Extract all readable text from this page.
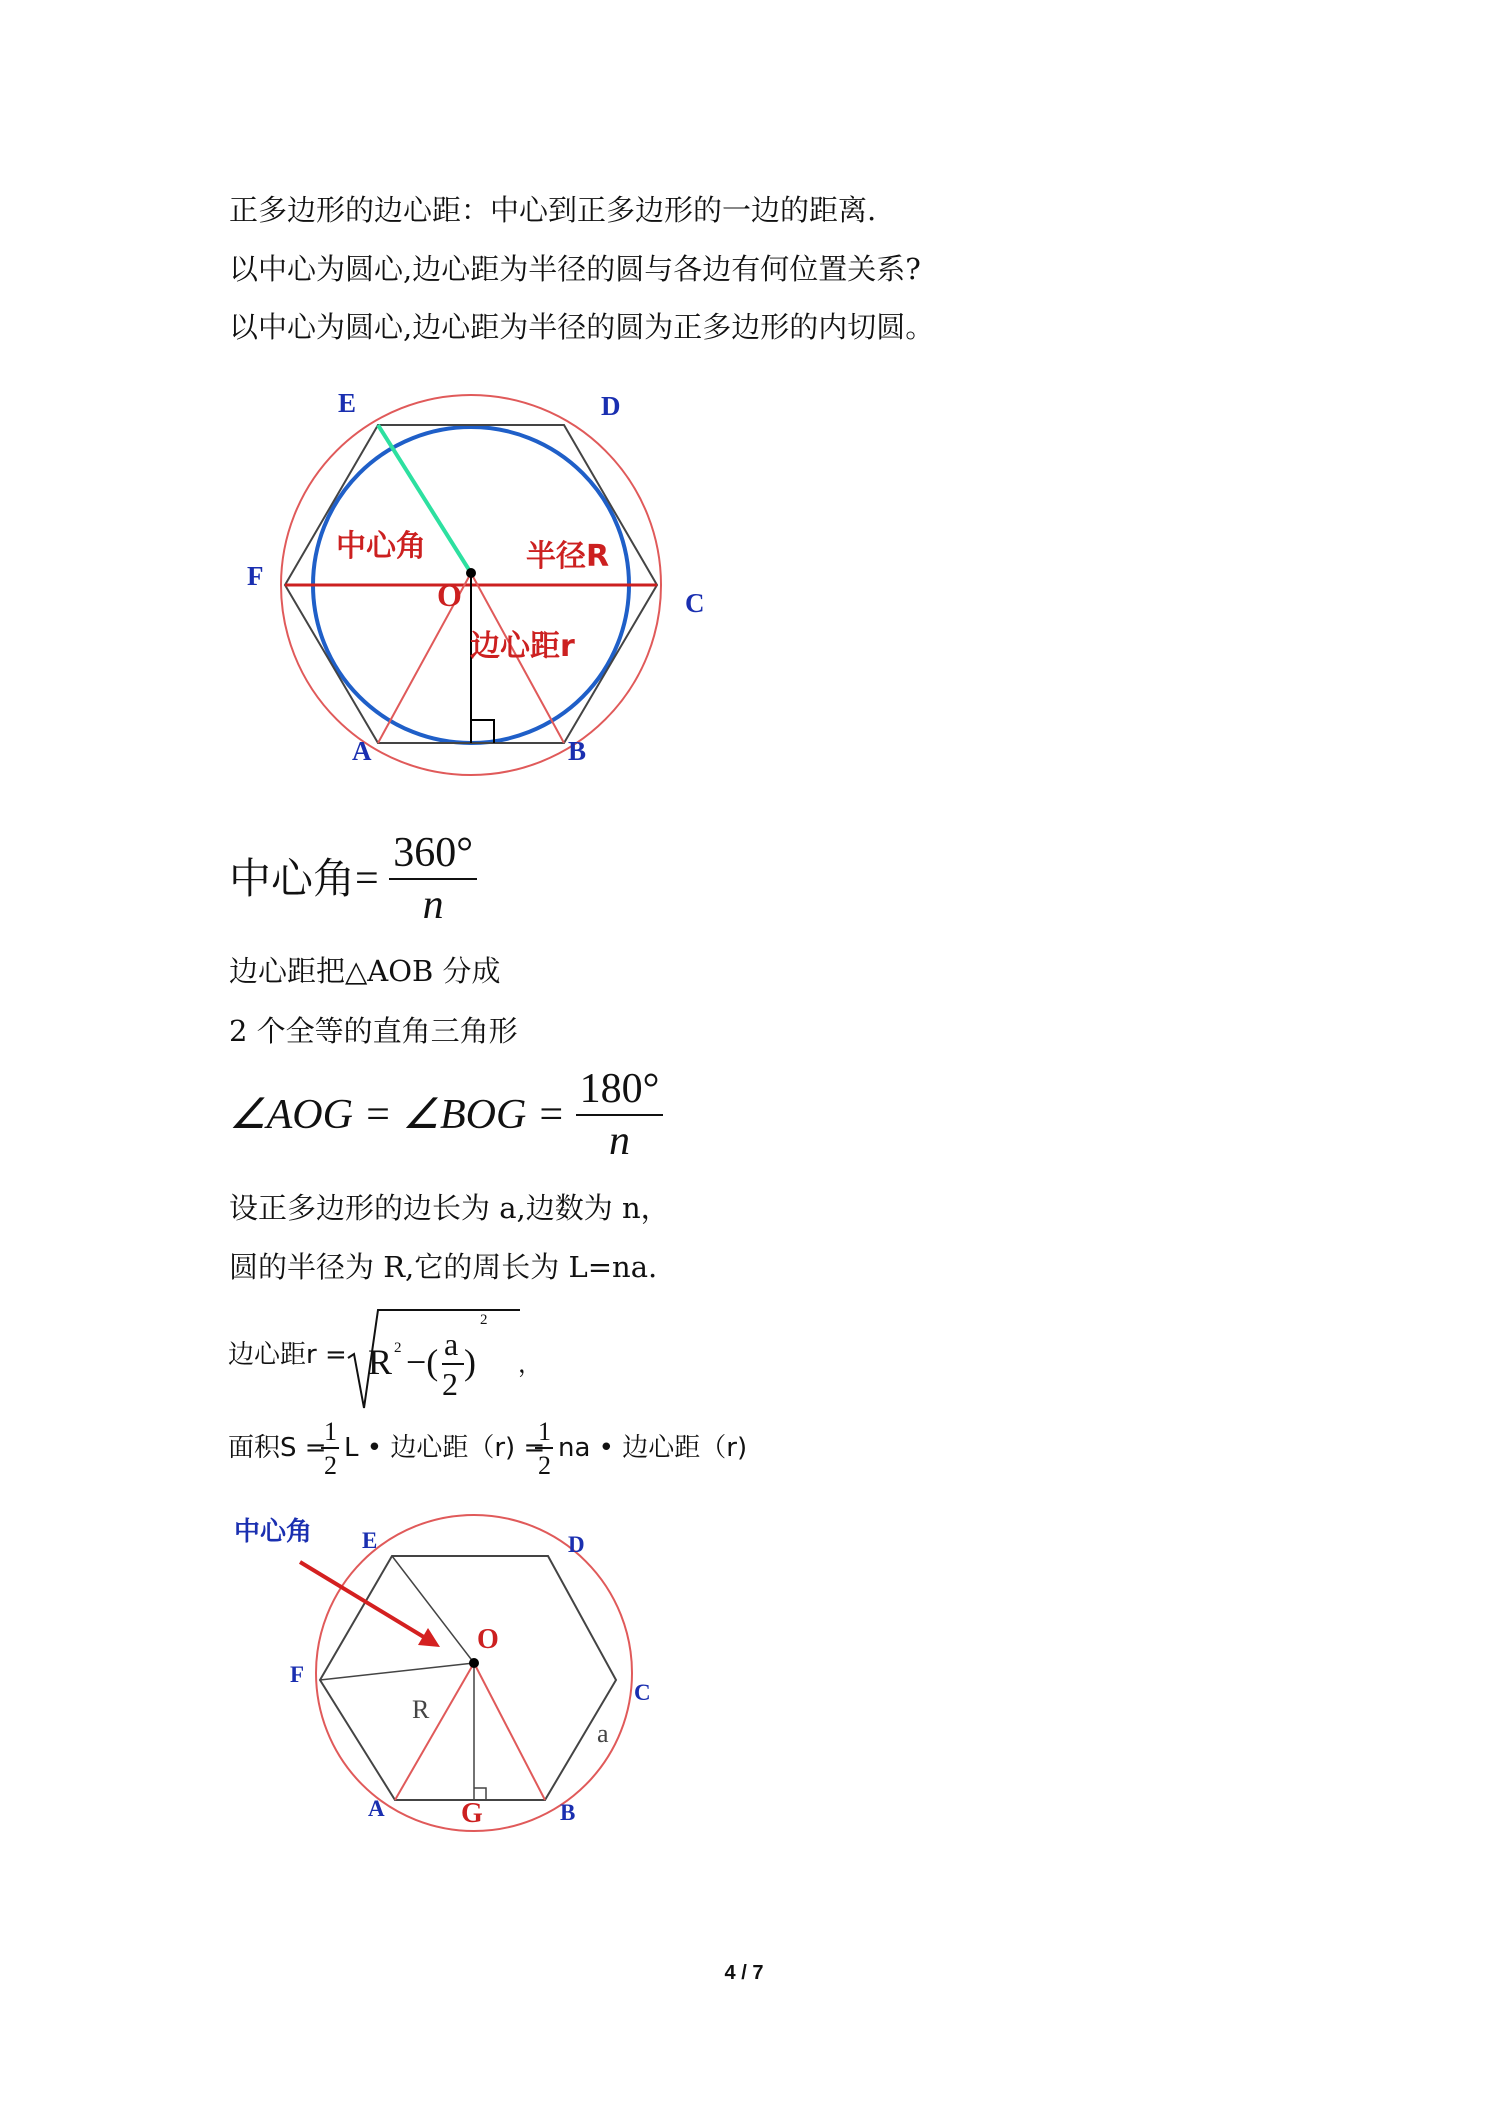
正多边形的边心距：中心到正多边形的一边的距离.
以中心为圆心,边心距为半径的圆与各边有何位置关系?
以中心为圆心,边心距为半径的圆为正多边形的内切圆。
E	D
F
C
A	B
O
中心角	半径R
边心距r
中心角= $\frac{360^\circ}{n}$
边心距把△AOB 分成
2 个全等的直角三角形
∠AOG = ∠BOG = $\frac{180^\circ}{n}$
设正多边形的边长为 a,边数为 n，
圆的半径为 R,它的周长为 L=na.
边心距r = R 2 −( a
2
)
2
，
面积S =
1
2
L • 边心距（r) =
1
2
na • 边心距（r)
中心角 E	D
F
C
A	B
O
G
R
a
4 / 7
